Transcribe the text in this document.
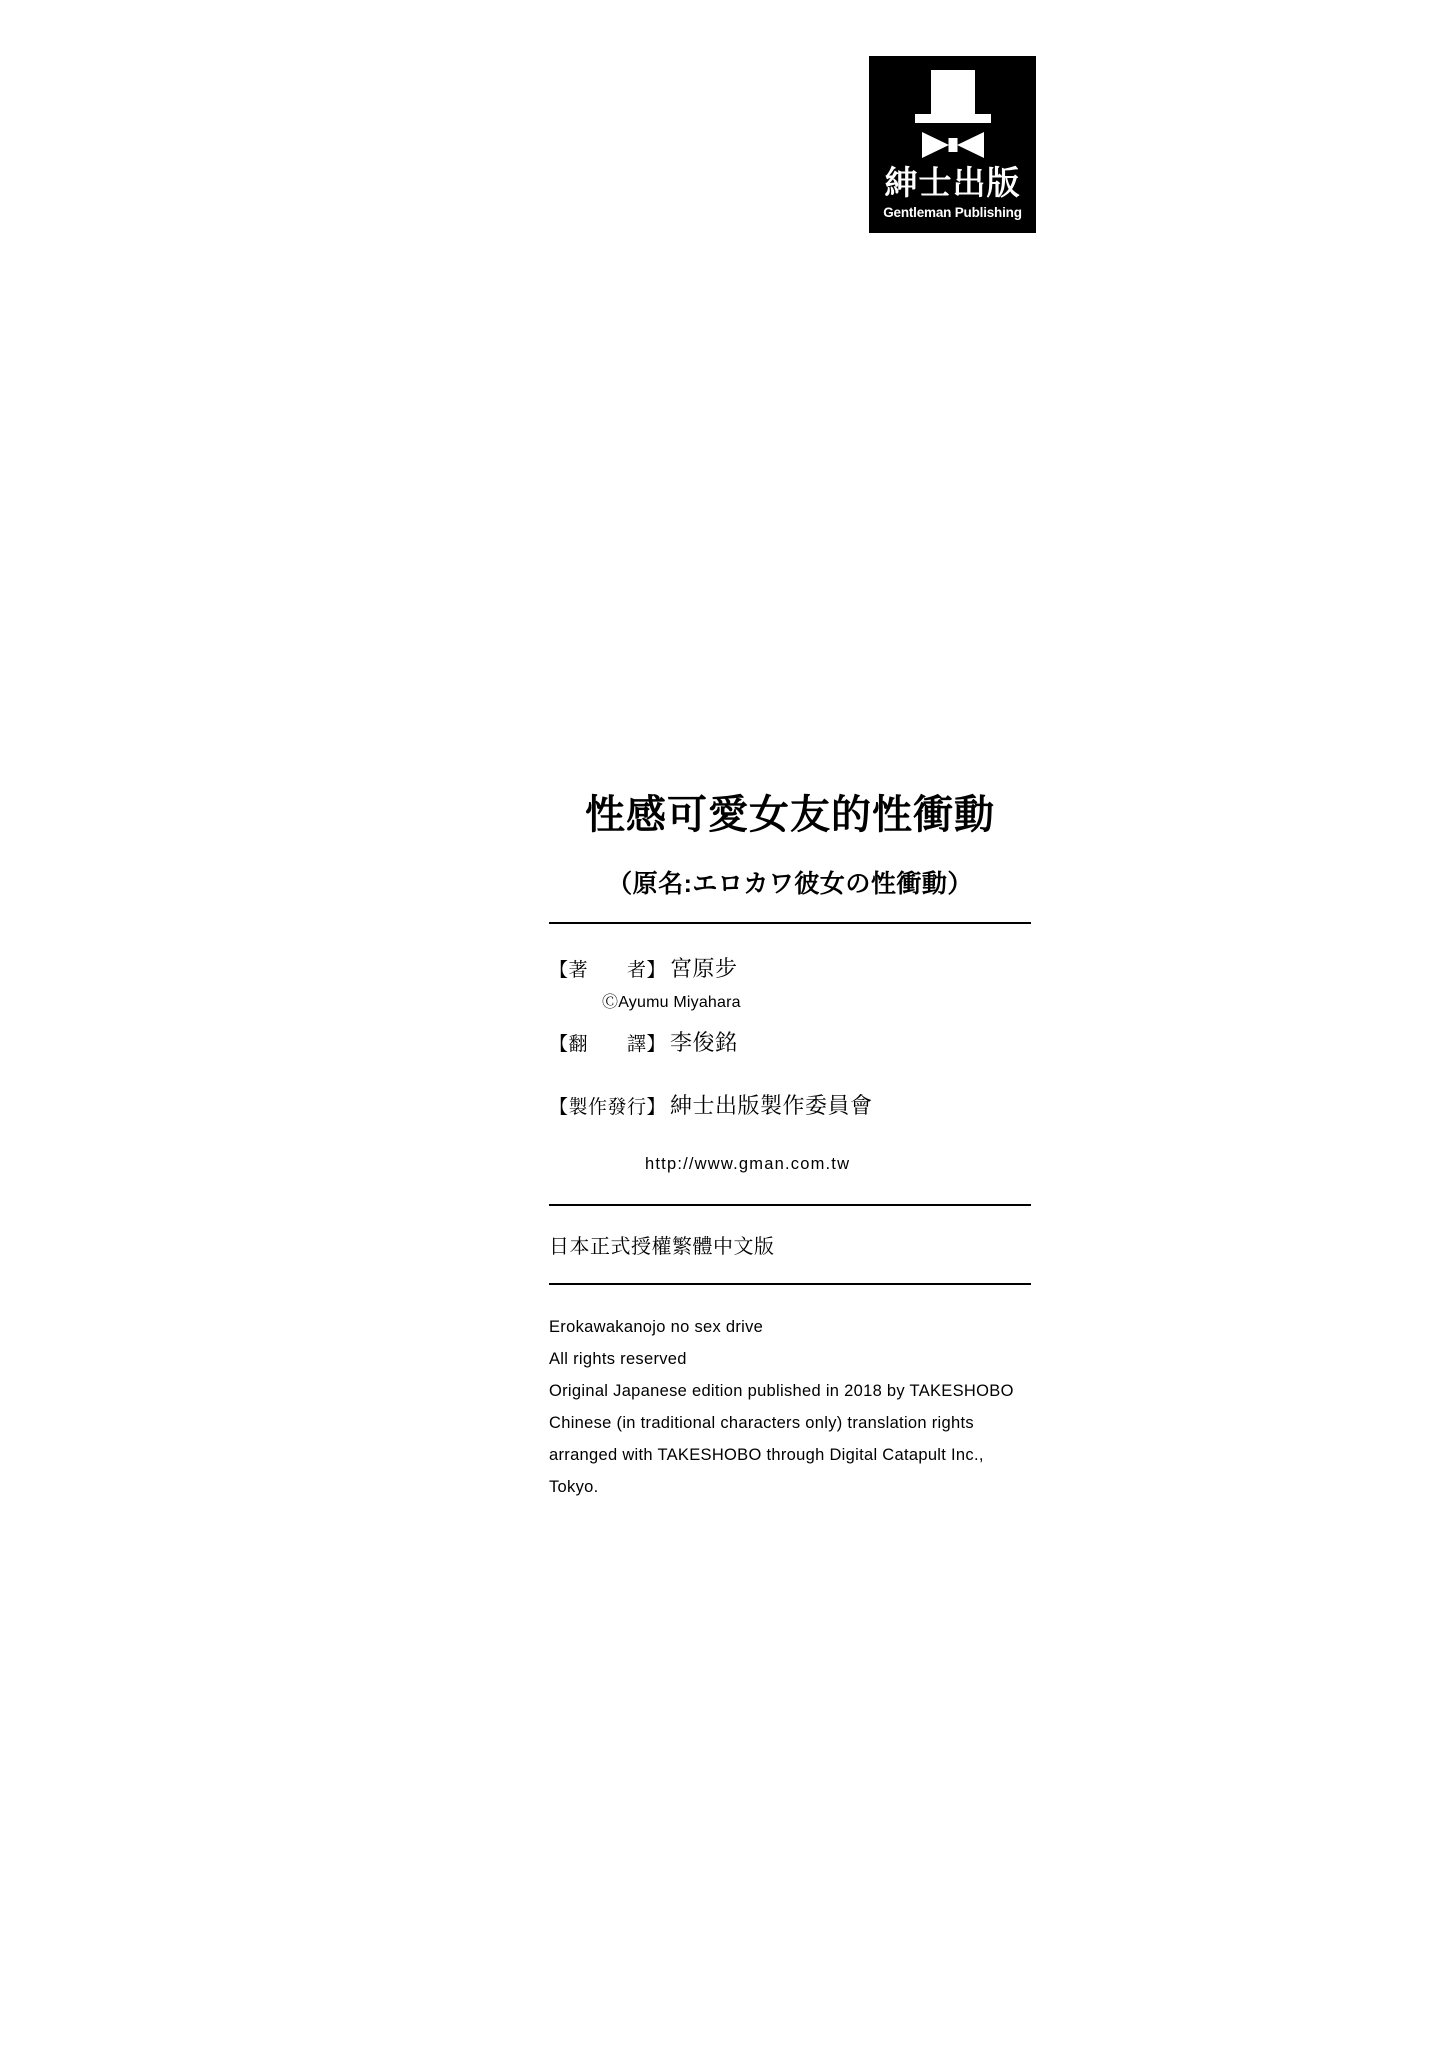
紳士出版
Gentleman Publishing
性感可愛女友的性衝動
（原名:エロカワ彼女の性衝動）
【著　　者】 宮原步
ⒸAyumu Miyahara
【翻　　譯】 李俊銘
【製作發行】 紳士出版製作委員會
http://www.gman.com.tw
日本正式授權繁體中文版
Erokawakanojo no sex drive
All rights reserved
Original Japanese edition published in 2018 by TAKESHOBO
Chinese (in traditional characters only) translation rights
arranged with TAKESHOBO through Digital Catapult Inc.,
Tokyo.
